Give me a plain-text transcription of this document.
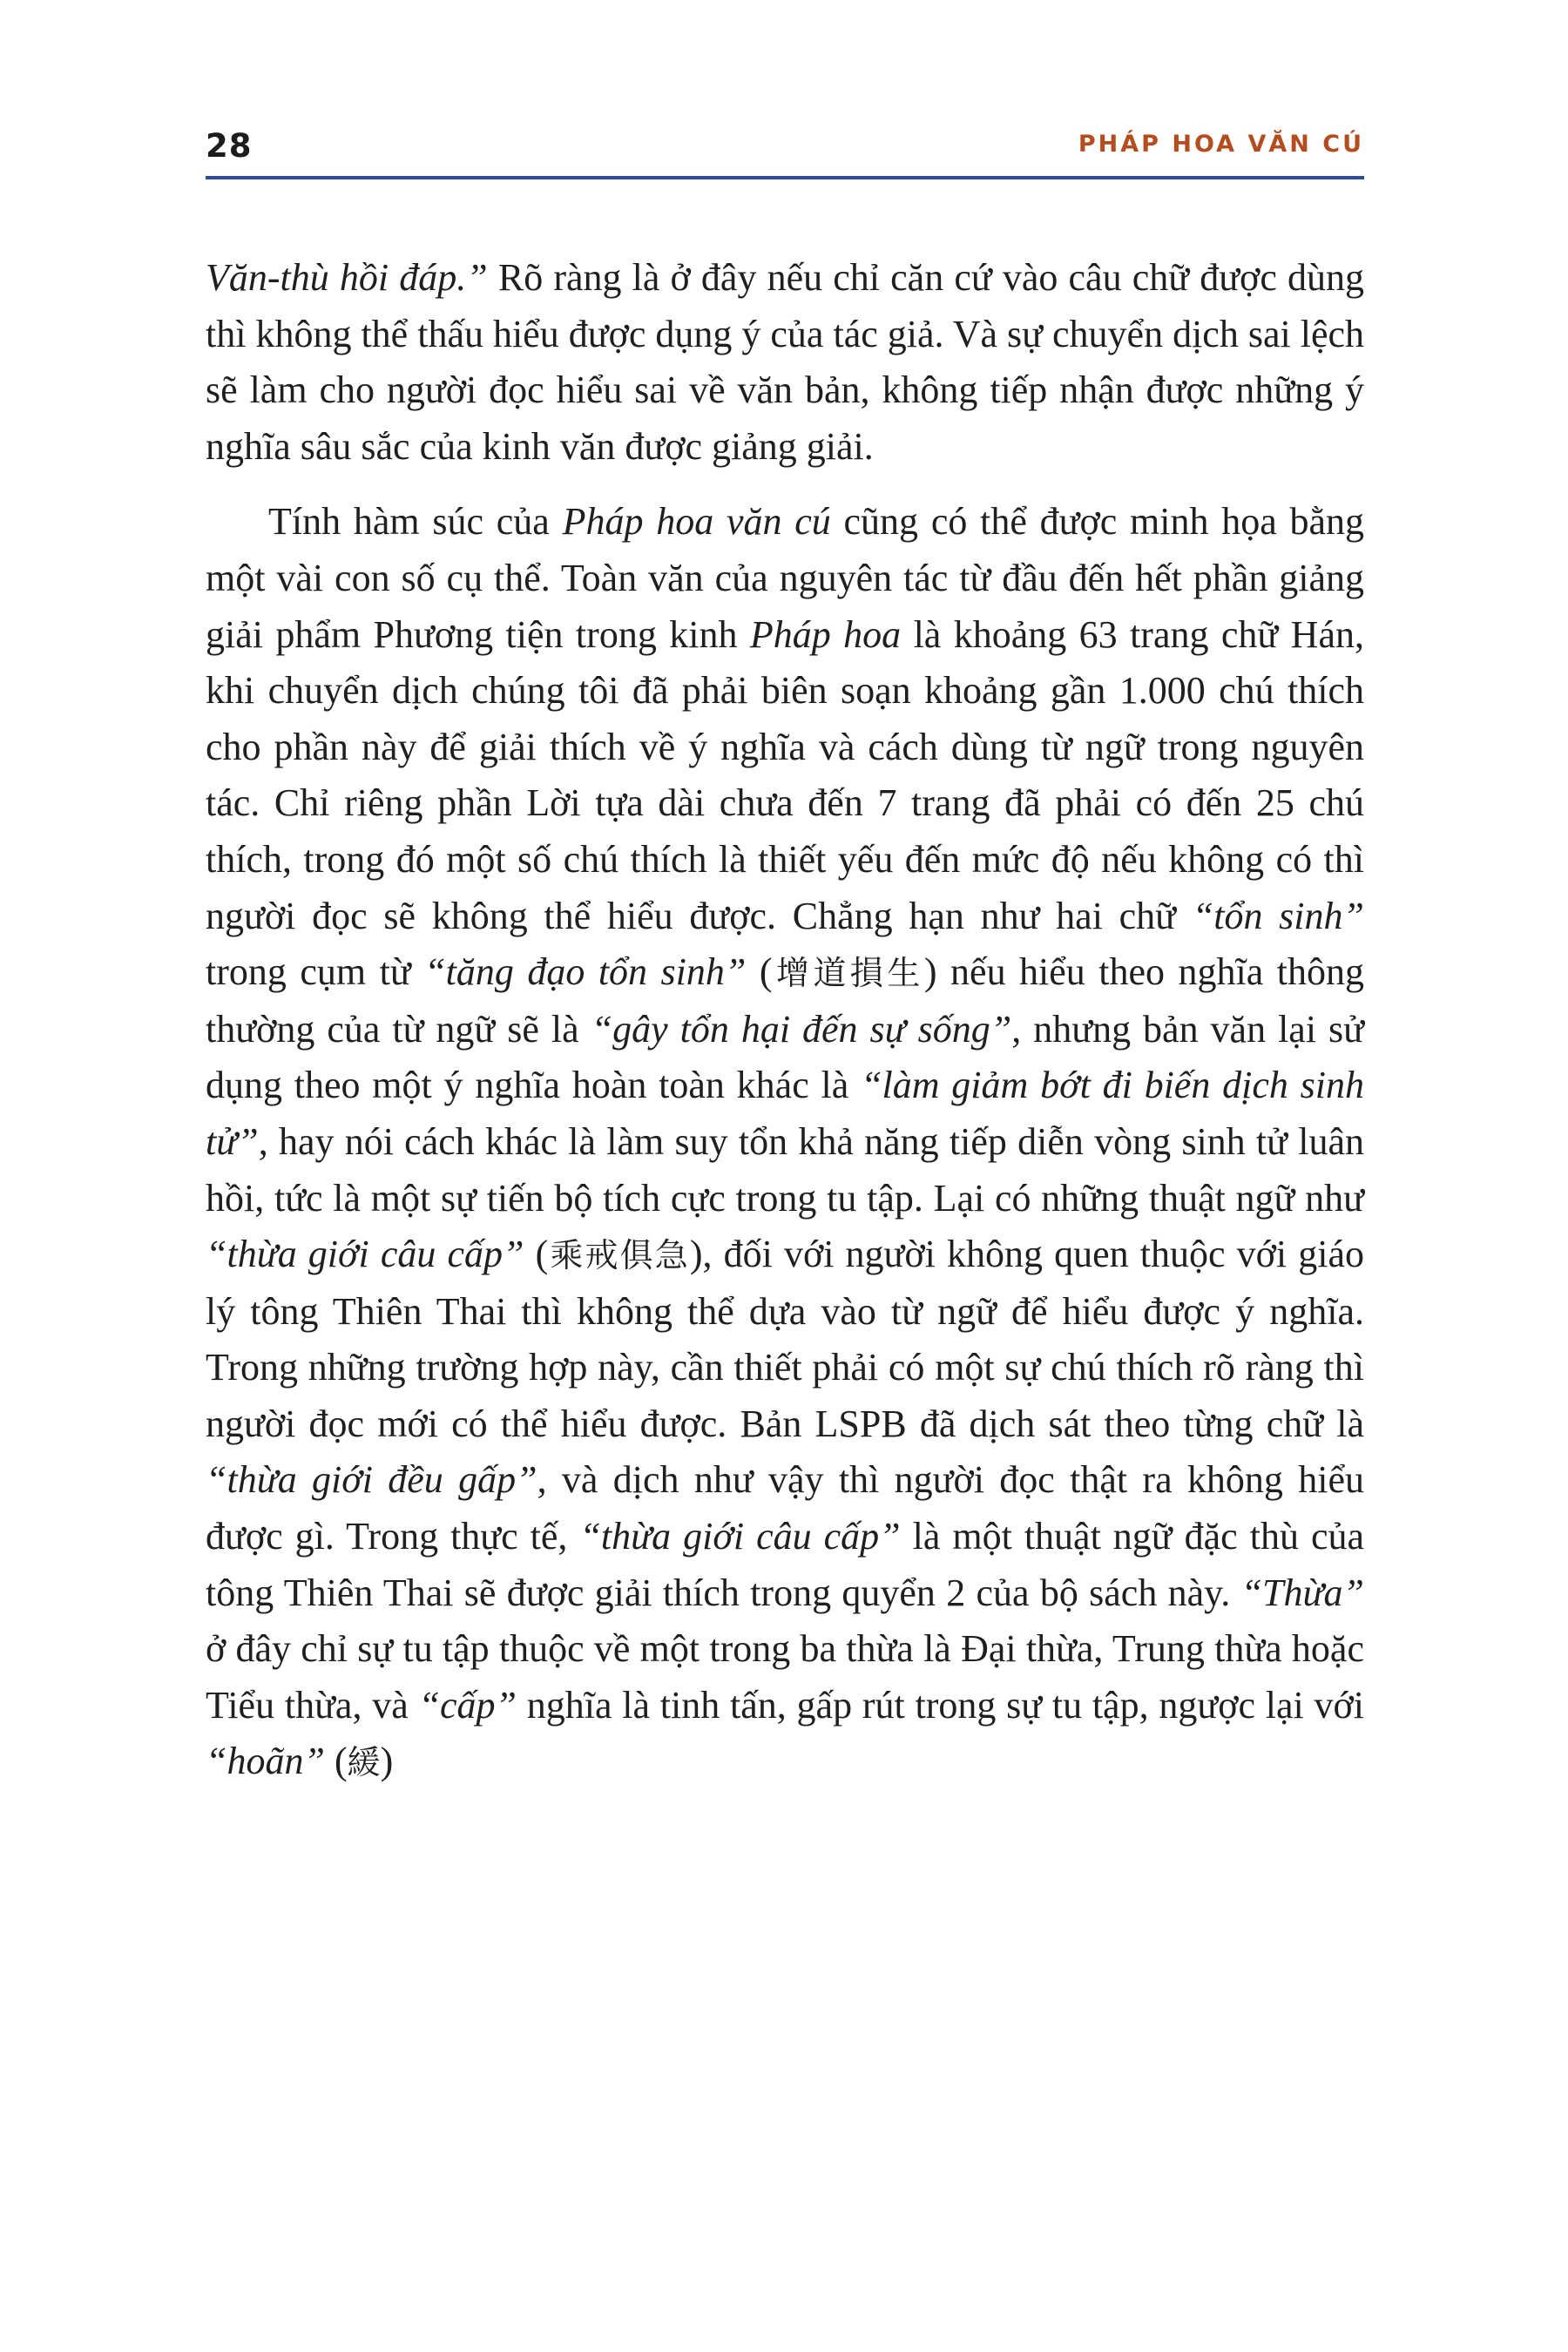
28	PHÁP HOA VĂN CÚ

Văn-thù hồi đáp.” Rõ ràng là ở đây nếu chỉ căn cứ vào câu chữ được dùng thì không thể thấu hiểu được dụng ý của tác giả. Và sự chuyển dịch sai lệch sẽ làm cho người đọc hiểu sai về văn bản, không tiếp nhận được những ý nghĩa sâu sắc của kinh văn được giảng giải.

Tính hàm súc của Pháp hoa văn cú cũng có thể được minh họa bằng một vài con số cụ thể. Toàn văn của nguyên tác từ đầu đến hết phần giảng giải phẩm Phương tiện trong kinh Pháp hoa là khoảng 63 trang chữ Hán, khi chuyển dịch chúng tôi đã phải biên soạn khoảng gần 1.000 chú thích cho phần này để giải thích về ý nghĩa và cách dùng từ ngữ trong nguyên tác. Chỉ riêng phần Lời tựa dài chưa đến 7 trang đã phải có đến 25 chú thích, trong đó một số chú thích là thiết yếu đến mức độ nếu không có thì người đọc sẽ không thể hiểu được. Chẳng hạn như hai chữ “tổn sinh” trong cụm từ “tăng đạo tổn sinh” (增道損生) nếu hiểu theo nghĩa thông thường của từ ngữ sẽ là “gây tổn hại đến sự sống”, nhưng bản văn lại sử dụng theo một ý nghĩa hoàn toàn khác là “làm giảm bớt đi biến dịch sinh tử”, hay nói cách khác là làm suy tổn khả năng tiếp diễn vòng sinh tử luân hồi, tức là một sự tiến bộ tích cực trong tu tập. Lại có những thuật ngữ như “thừa giới câu cấp” (乘戒俱急), đối với người không quen thuộc với giáo lý tông Thiên Thai thì không thể dựa vào từ ngữ để hiểu được ý nghĩa. Trong những trường hợp này, cần thiết phải có một sự chú thích rõ ràng thì người đọc mới có thể hiểu được. Bản LSPB đã dịch sát theo từng chữ là “thừa giới đều gấp”, và dịch như vậy thì người đọc thật ra không hiểu được gì. Trong thực tế, “thừa giới câu cấp” là một thuật ngữ đặc thù của tông Thiên Thai sẽ được giải thích trong quyển 2 của bộ sách này. “Thừa” ở đây chỉ sự tu tập thuộc về một trong ba thừa là Đại thừa, Trung thừa hoặc Tiểu thừa, và “cấp” nghĩa là tinh tấn, gấp rút trong sự tu tập, ngược lại với “hoãn” (緩)
